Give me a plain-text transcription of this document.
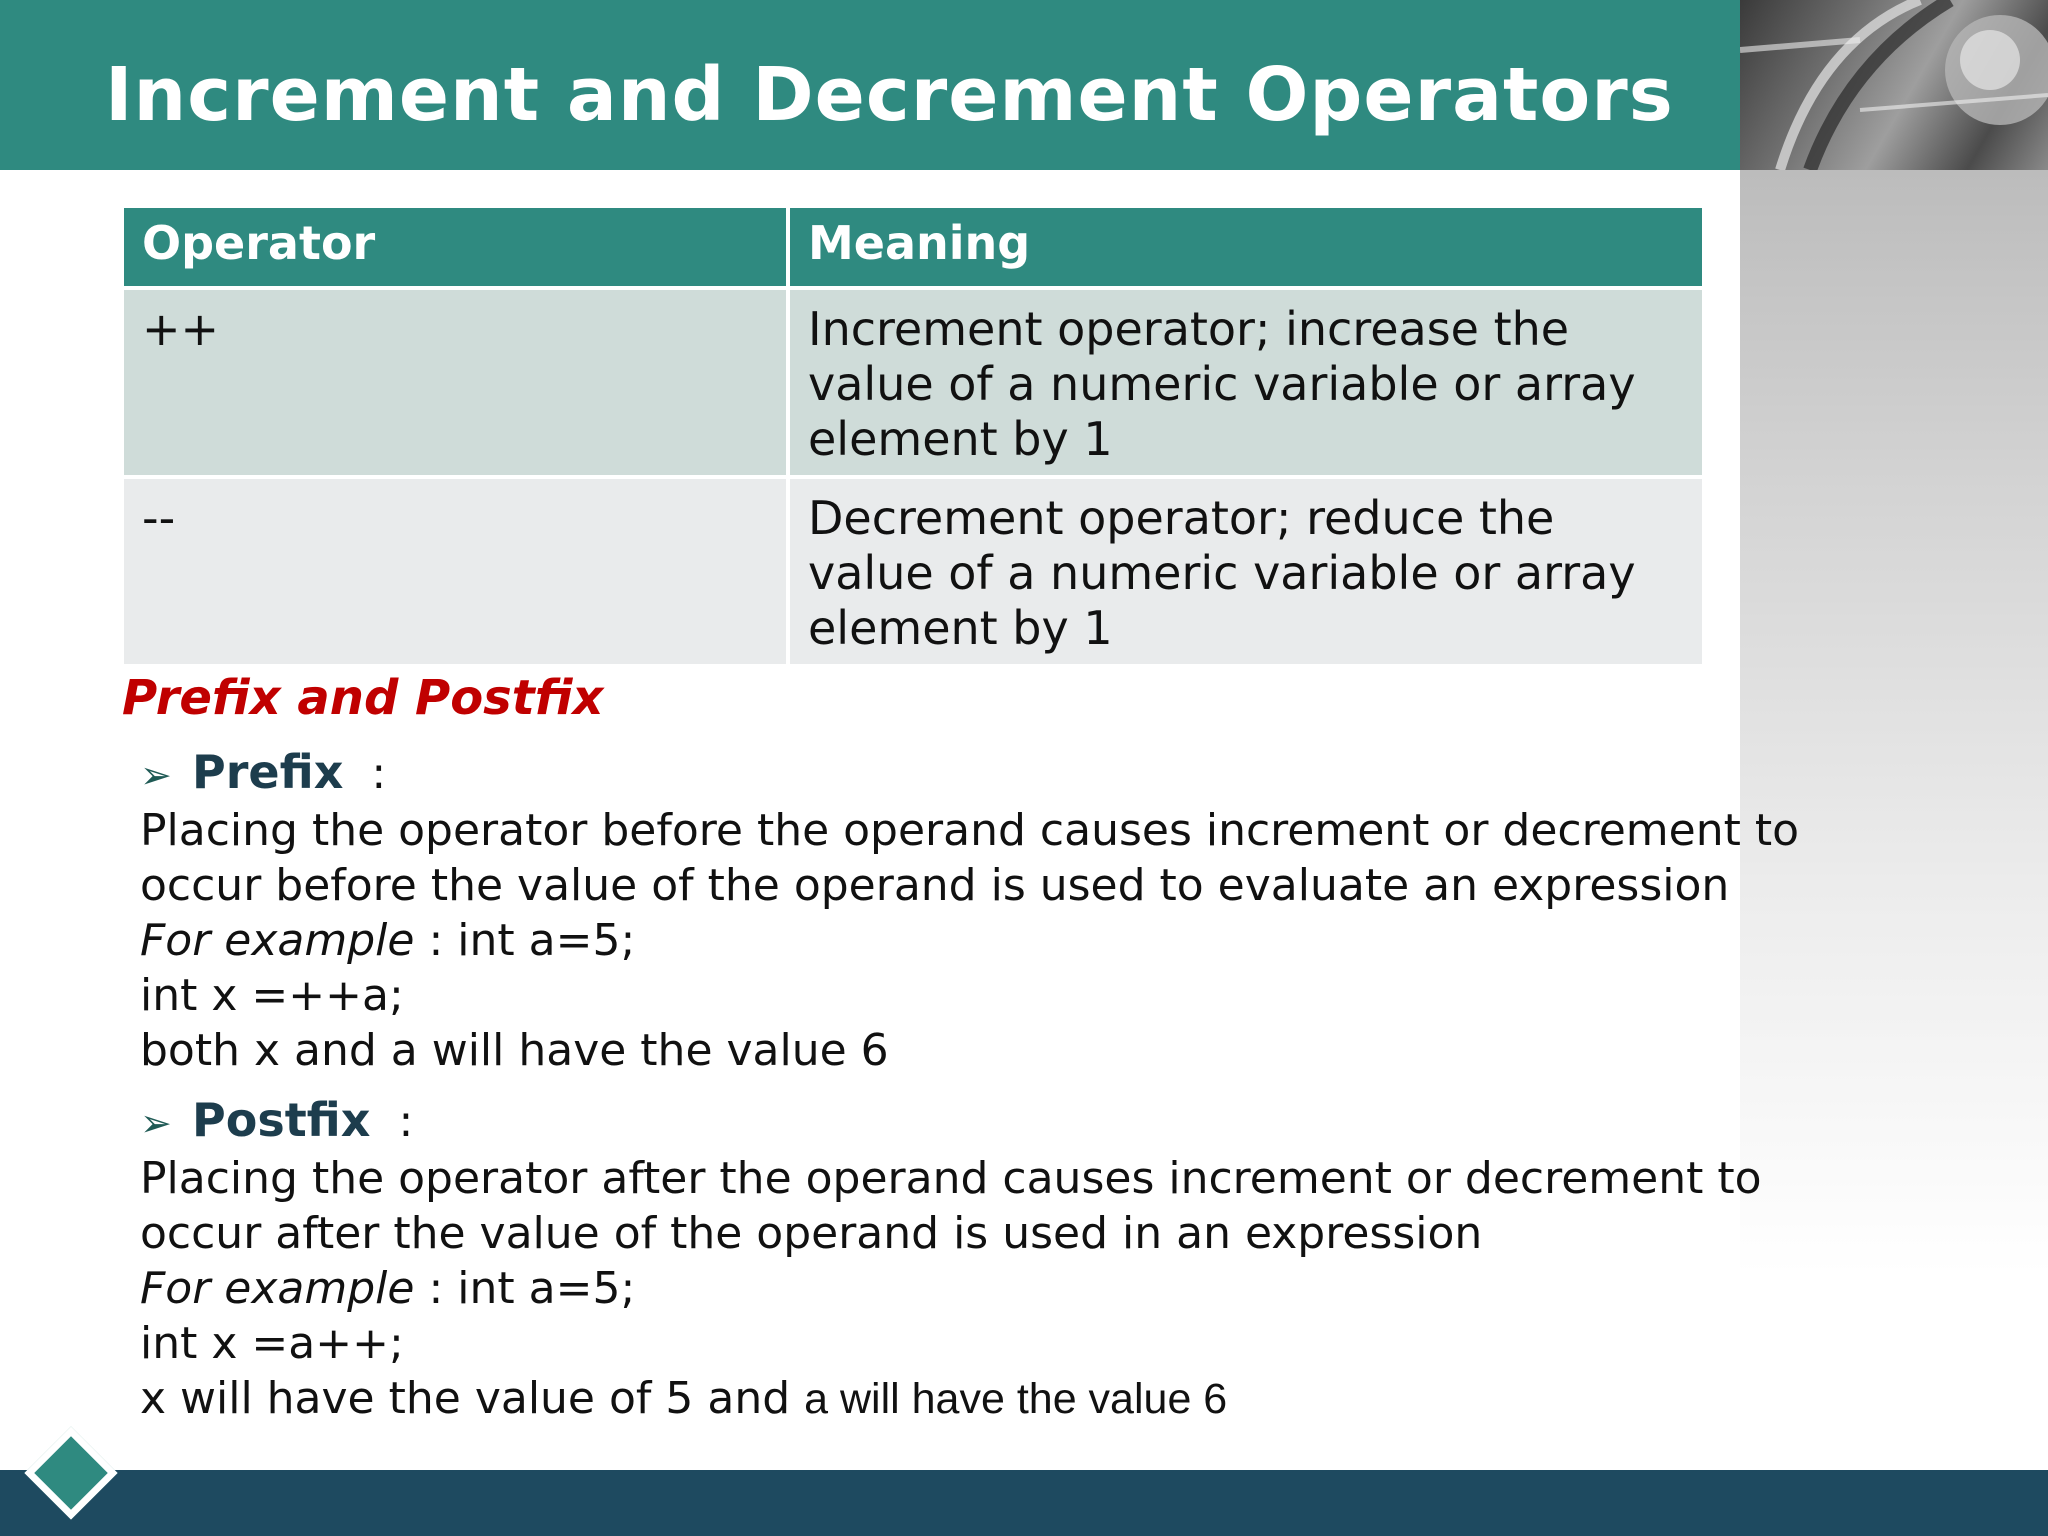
Increment and Decrement Operators
Operator	Meaning
++	Increment operator; increase the
value of a numeric variable or array
element by 1

--	Decrement operator; reduce the
value of a numeric variable or array
element by 1
Prefix and Postfix
➢ Prefix :
Placing the operator before the operand causes increment or decrement to
occur before the value of the operand is used to evaluate an expression
For example : int a=5;
int x =++a;
both x and a will have the value 6
➢ Postfix :
Placing the operator after the operand causes increment or decrement to
occur after the value of the operand is used in an expression
For example : int a=5;
int x =a++;
x will have the value of 5 and a will have the value 6
